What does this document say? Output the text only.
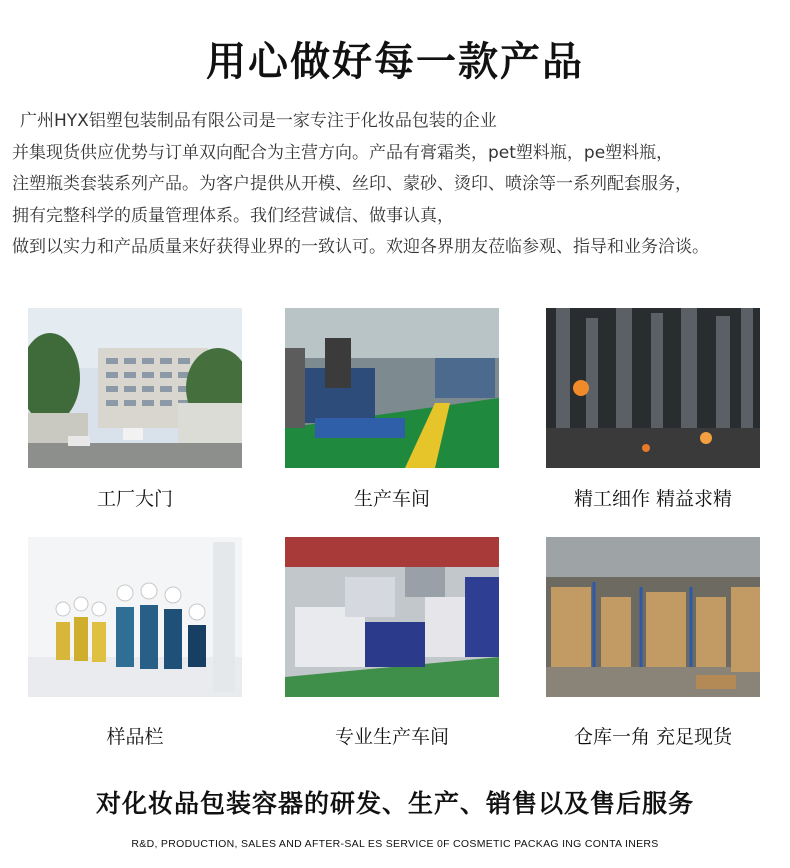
用心做好每一款产品

广州HYX铝塑包装制品有限公司是一家专注于化妆品包装的企业

并集现货供应优势与订单双向配合为主营方向。产品有膏霜类，pet塑料瓶，pe塑料瓶，

注塑瓶类套装系列产品。为客户提供从开模、丝印、蒙砂、烫印、喷涂等一系列配套服务，

拥有完整科学的质量管理体系。我们经营诚信、做事认真，

做到以实力和产品质量来好获得业界的一致认可。欢迎各界朋友莅临参观、指导和业务洽谈。

工厂大门	生产车间	精工细作 精益求精
样品栏	专业生产车间	仓库一角 充足现货
对化妆品包装容器的研发、生产、销售以及售后服务
R&D, PRODUCTION, SALES AND AFTER-SAL ES SERVICE 0F COSMETIC PACKAG ING CONTA INERS
